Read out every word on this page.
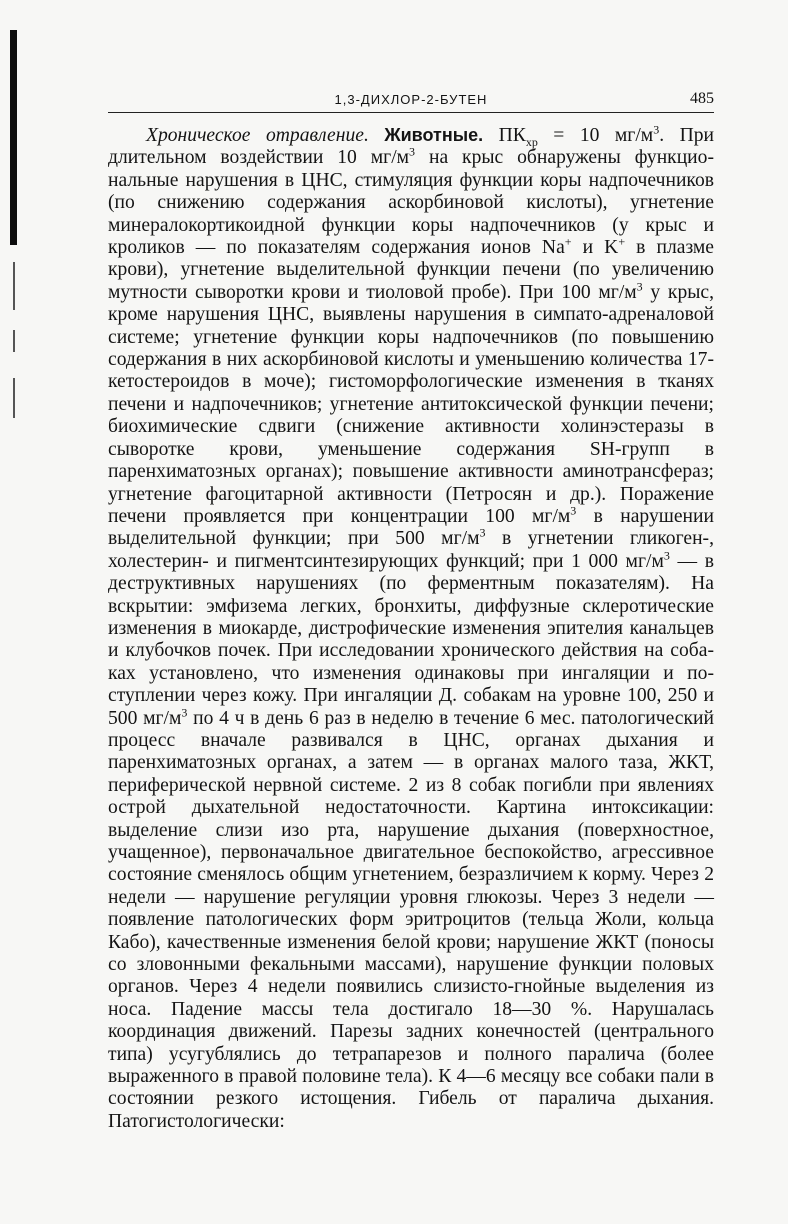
1,3-ДИХЛОР-2-БУТЕН	485

Хроническое отравление. Животные. $ПК_{хр} = 10$ $мг/м^3$. При длительном воздействии 10 $мг/м^3$ на крыс обнаружены функциональные нарушения в ЦНС, стимуляция функции коры надпочечников (по снижению содержания аскорбиновой кислоты), угнетение минералокортикоидной функции коры надпочечников (у крыс и кроликов — по показателям содержания ионов Na+ и K+ в плазме крови), угнетение выделительной функции печени (по увеличению мутности сыворотки крови и тиоловой пробе). При 100 $мг/м^3$ у крыс, кроме нарушения ЦНС, выявлены нарушения в симпато-адреналовой системе; угнетение функции коры надпочечников (по повышению содержания в них аскорбиновой кислоты и уменьшению количества 17-кетостероидов в моче); гистоморфологические изменения в тканях печени и надпочечников; угнетение антитоксической функции печени; биохимические сдвиги (снижение активности холинэстеразы в сыворотке крови, уменьшение содержания SH-групп в паренхиматозных органах); повышение активности аминотрансфераз; угнетение фагоцитарной активности (Петросян и др.). Поражение печени проявляется при концентрации 100 $мг/м^3$ в нарушении выделительной функции; при 500 $мг/м^3$ в угнетении гликоген-, холестерин- и пигментсинтезирующих функций; при 1 000 $мг/м^3$ — в деструктивных нарушениях (по ферментным показателям). На вскрытии: эмфизема легких, бронхиты, диффузные склеротические изменения в миокарде, дистрофические изменения эпителия канальцев и клубочков почек. При исследовании хронического действия на собаках установлено, что изменения одинаковы при ингаляции и поступлении через кожу. При ингаляции Д. собакам на уровне 100, 250 и 500 $мг/м^3$ по 4 ч в день 6 раз в неделю в течение 6 мес. патологический процесс вначале развивался в ЦНС, органах дыхания и паренхиматозных органах, а затем — в органах малого таза, ЖКТ, периферической нервной системе. 2 из 8 собак погибли при явлениях острой дыхательной недостаточности. Картина интоксикации: выделение слизи изо рта, нарушение дыхания (поверхностное, учащенное), первоначальное двигательное беспокойство, агрессивное состояние сменялось общим угнетением, безразличием к корму. Через 2 недели — нарушение регуляции уровня глюкозы. Через 3 недели — появление патологических форм эритроцитов (тельца Жоли, кольца Кабо), качественные изменения белой крови; нарушение ЖКТ (поносы со зловонными фекальными массами), нарушение функции половых органов. Через 4 недели появились слизисто-гнойные выделения из носа. Падение массы тела достигало 18—30 %. Нарушалась координация движений. Парезы задних конечностей (центрального типа) усугублялись до тетрапарезов и полного паралича (более выраженного в правой половине тела). К 4—6 месяцу все собаки пали в состоянии резкого истощения. Гибель от паралича дыхания. Патогистологически:
